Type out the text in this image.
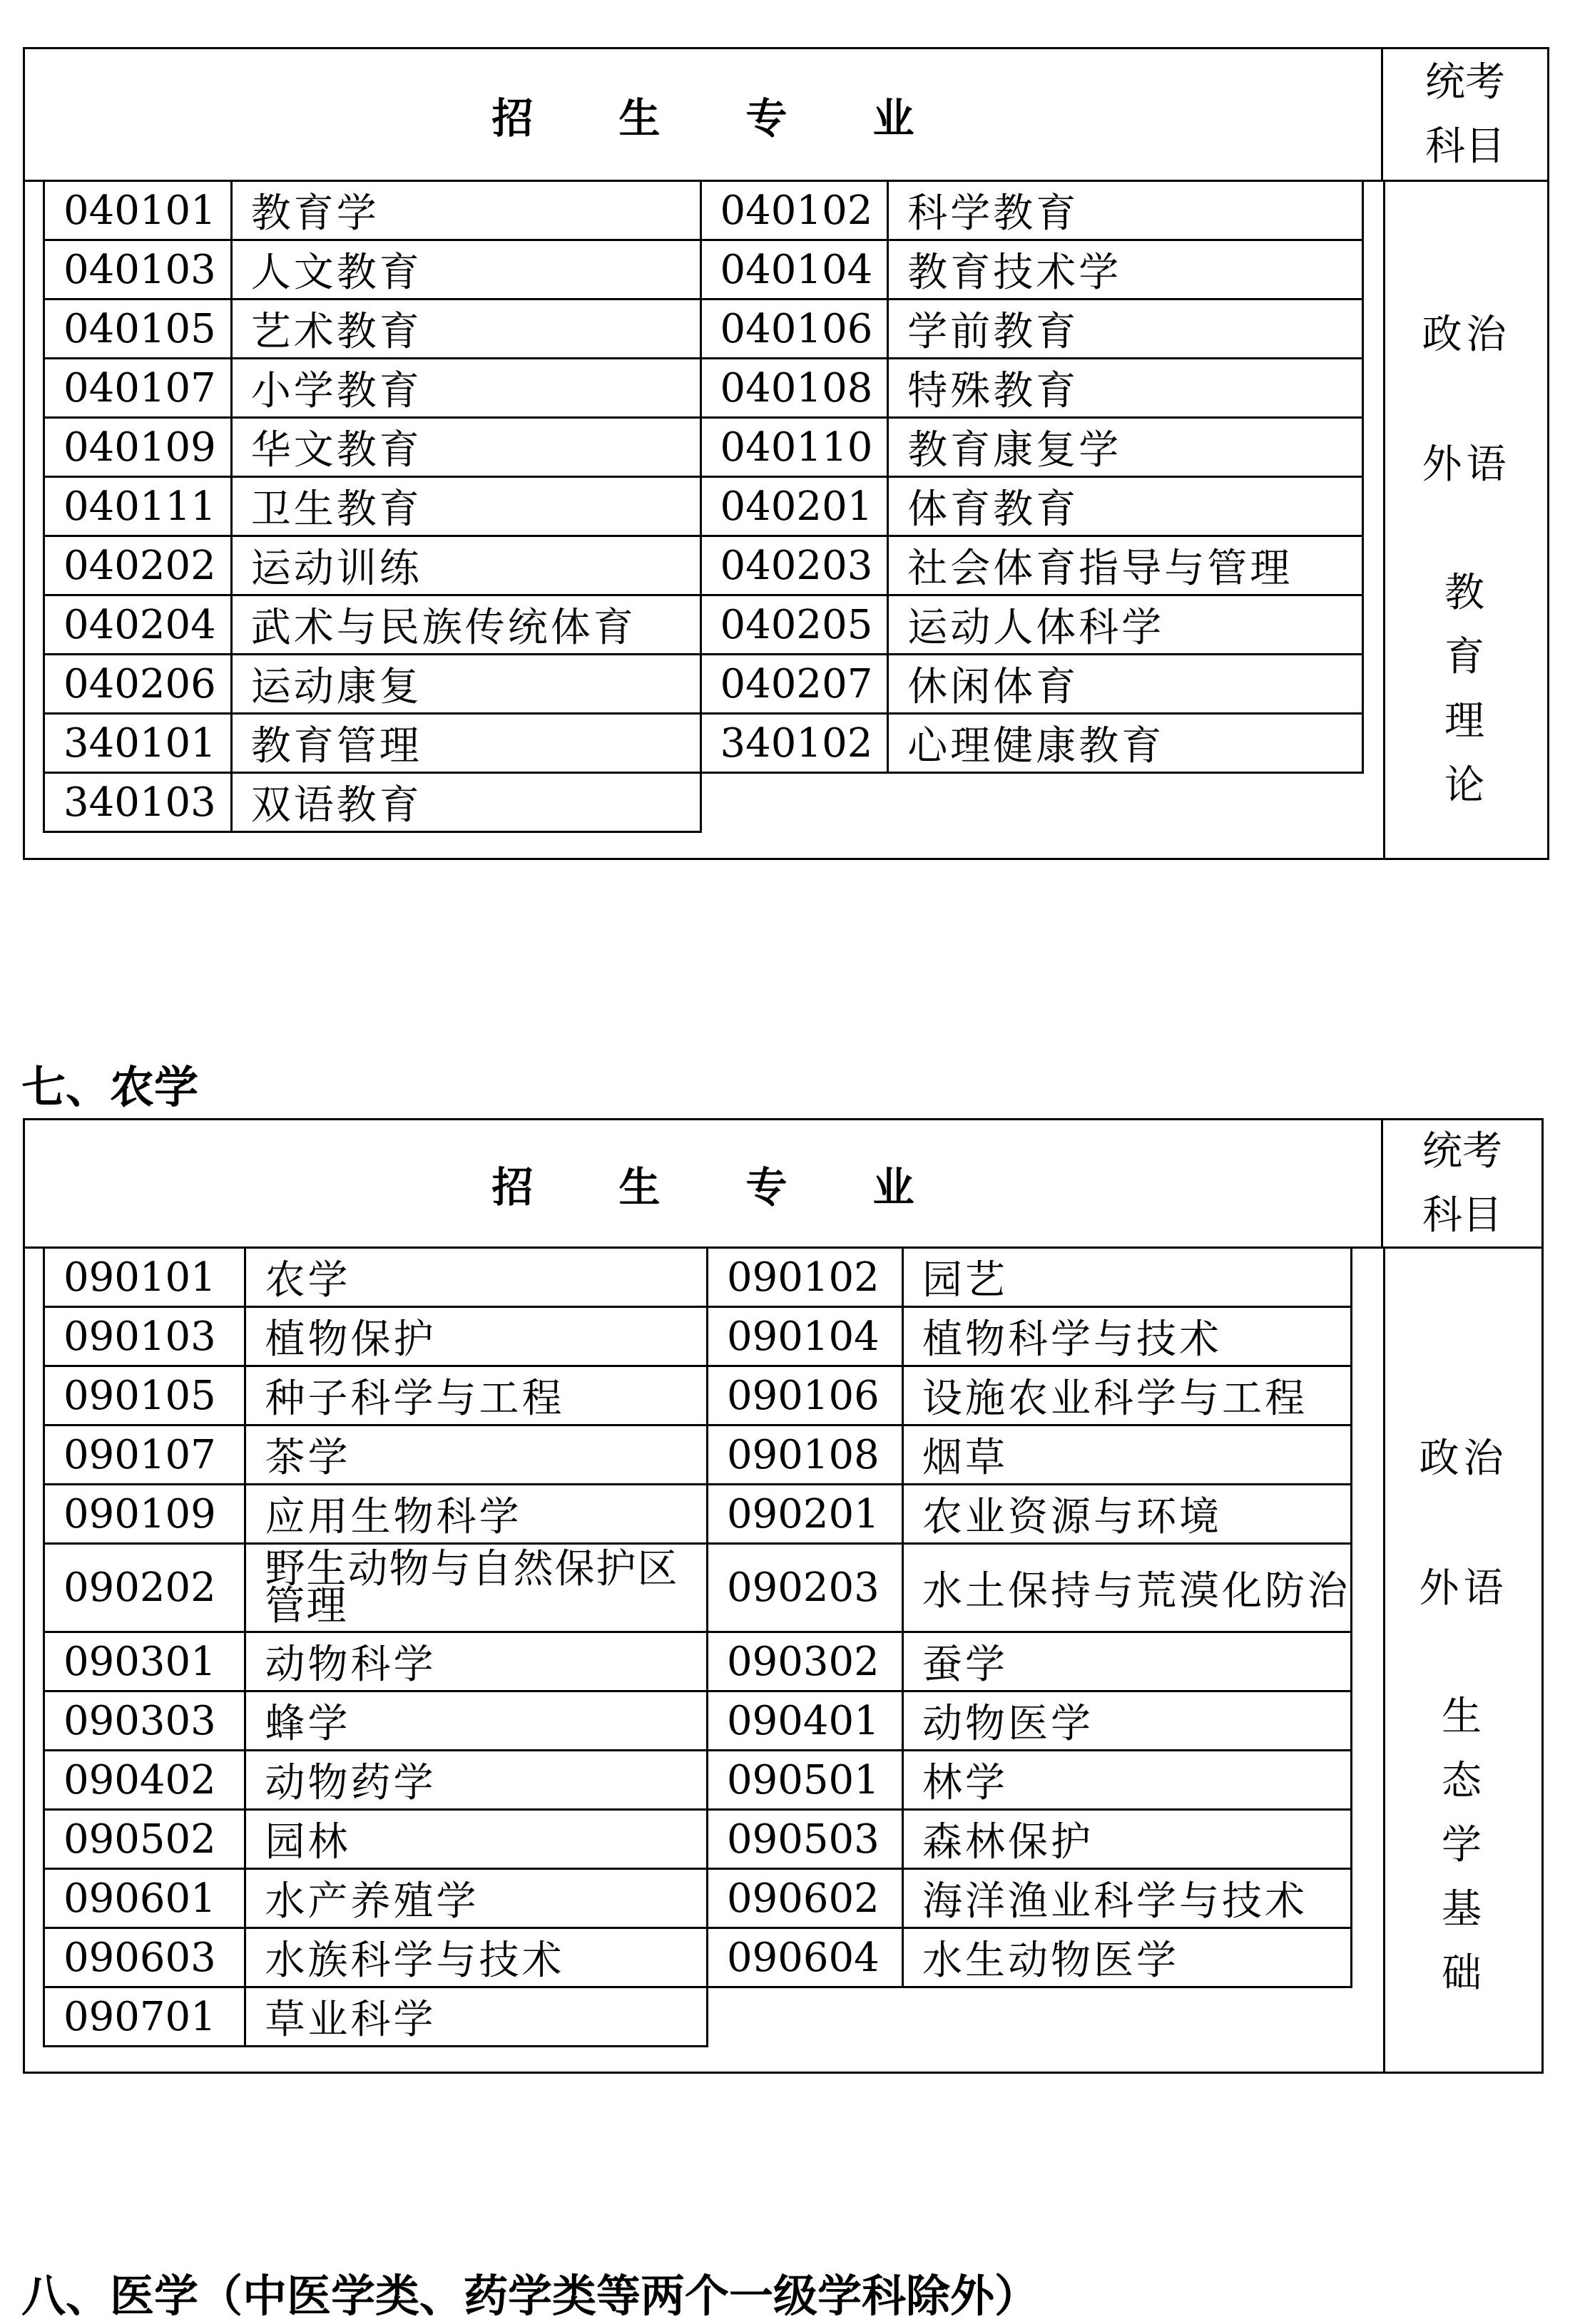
招生专业
统考科目
政治
外语
教育理论
040101	教育学	040102	科学教育
040103	人文教育	040104	教育技术学
040105	艺术教育	040106	学前教育
040107	小学教育	040108	特殊教育
040109	华文教育	040110	教育康复学
040111	卫生教育	040201	体育教育
040202	运动训练	040203	社会体育指导与管理
040204	武术与民族传统体育	040205	运动人体科学
040206	运动康复	040207	休闲体育
340101	教育管理	340102	心理健康教育
340103	双语教育		
七、农学
招生专业
统考科目
政治
外语
生态学基础
090101	农学	090102	园艺
090103	植物保护	090104	植物科学与技术
090105	种子科学与工程	090106	设施农业科学与工程
090107	茶学	090108	烟草
090109	应用生物科学	090201	农业资源与环境
090202	野生动物与自然保护区管理	090203	水土保持与荒漠化防治
090301	动物科学	090302	蚕学
090303	蜂学	090401	动物医学
090402	动物药学	090501	林学
090502	园林	090503	森林保护
090601	水产养殖学	090602	海洋渔业科学与技术
090603	水族科学与技术	090604	水生动物医学
090701	草业科学		
八、医学（中医学类、药学类等两个一级学科除外）
